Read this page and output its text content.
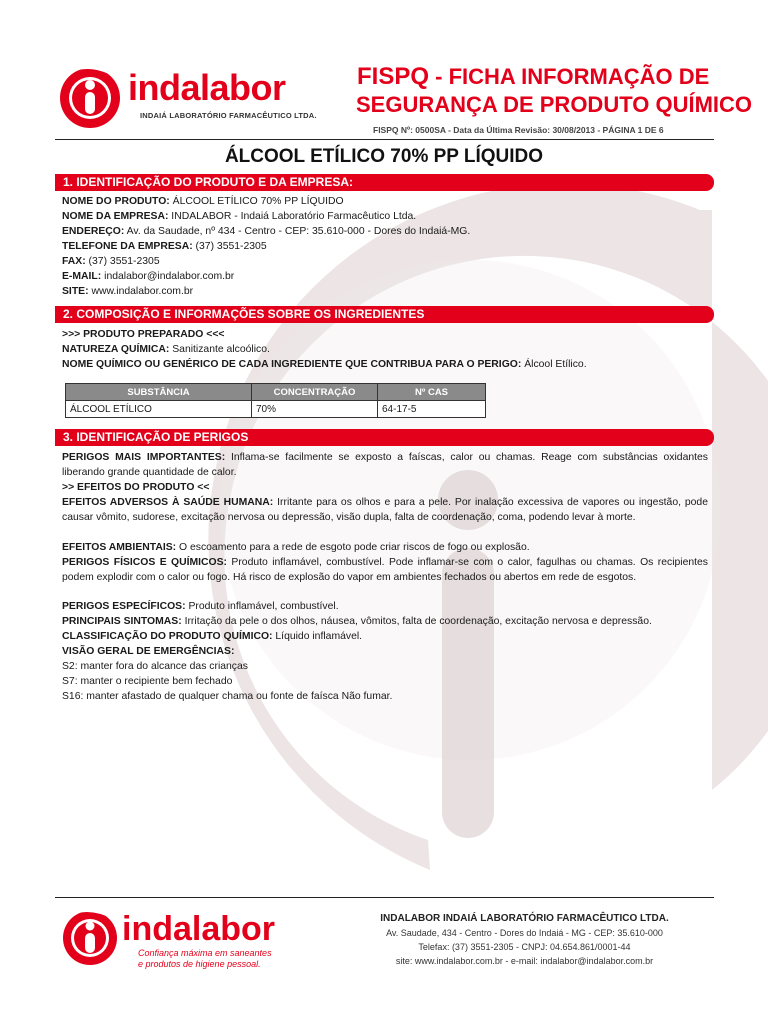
indalabor
INDAIÁ LABORATÓRIO FARMACÊUTICO LTDA.
FISPQ - FICHA INFORMAÇÃO DE
SEGURANÇA DE PRODUTO QUÍMICO
FISPQ Nº: 0500SA - Data da Última Revisão: 30/08/2013 - PÁGINA 1 DE 6
ÁLCOOL ETÍLICO 70% PP LÍQUIDO
1. IDENTIFICAÇÃO DO PRODUTO E DA EMPRESA:
NOME DO PRODUTO: ÁLCOOL ETÍLICO 70% PP LÍQUIDO
NOME DA EMPRESA: INDALABOR - Indaiá Laboratório Farmacêutico Ltda.
ENDEREÇO: Av. da Saudade, nº 434 - Centro - CEP: 35.610-000 - Dores do Indaiá-MG.
TELEFONE DA EMPRESA: (37) 3551-2305
FAX: (37) 3551-2305
E-MAIL: indalabor@indalabor.com.br
SITE: www.indalabor.com.br
2. COMPOSIÇÃO E INFORMAÇÕES SOBRE OS INGREDIENTES
>>> PRODUTO PREPARADO <<<
NATUREZA QUÍMICA: Sanitizante alcoólico.
NOME QUÍMICO OU GENÉRICO DE CADA INGREDIENTE QUE CONTRIBUA PARA O PERIGO: Álcool Etílico.
SUBSTÂNCIA	CONCENTRAÇÃO	Nº CAS
ÁLCOOL ETÍLICO	70%	64-17-5
3. IDENTIFICAÇÃO DE PERIGOS
PERIGOS MAIS IMPORTANTES: Inflama-se facilmente se exposto a faíscas, calor ou chamas. Reage com substâncias oxidantes liberando grande quantidade de calor.
>> EFEITOS DO PRODUTO <<
EFEITOS ADVERSOS À SAÚDE HUMANA: Irritante para os olhos e para a pele. Por inalação excessiva de vapores ou ingestão, pode causar vômito, sudorese, excitação nervosa ou depressão, visão dupla, falta de coordenação, coma, podendo levar à morte.
EFEITOS AMBIENTAIS: O escoamento para a rede de esgoto pode criar riscos de fogo ou explosão.
PERIGOS FÍSICOS E QUÍMICOS: Produto inflamável, combustível. Pode inflamar-se com o calor, fagulhas ou chamas. Os recipientes podem explodir com o calor ou fogo. Há risco de explosão do vapor em ambientes fechados ou abertos em rede de esgotos.
PERIGOS ESPECÍFICOS: Produto inflamável, combustível.
PRINCIPAIS SINTOMAS: Irritação da pele o dos olhos, náusea, vômitos, falta de coordenação, excitação nervosa e depressão.
CLASSIFICAÇÃO DO PRODUTO QUÍMICO: Líquido inflamável.
VISÃO GERAL DE EMERGÊNCIAS:
S2: manter fora do alcance das crianças
S7: manter o recipiente bem fechado
S16: manter afastado de qualquer chama ou fonte de faísca Não fumar.
indalabor
Confiança máxima em saneantes
e produtos de higiene pessoal.
INDALABOR INDAIÁ LABORATÓRIO FARMACÊUTICO LTDA.
Av. Saudade, 434 - Centro - Dores do Indaiá - MG - CEP: 35.610-000
Telefax: (37) 3551-2305 - CNPJ: 04.654.861/0001-44
site: www.indalabor.com.br - e-mail: indalabor@indalabor.com.br
